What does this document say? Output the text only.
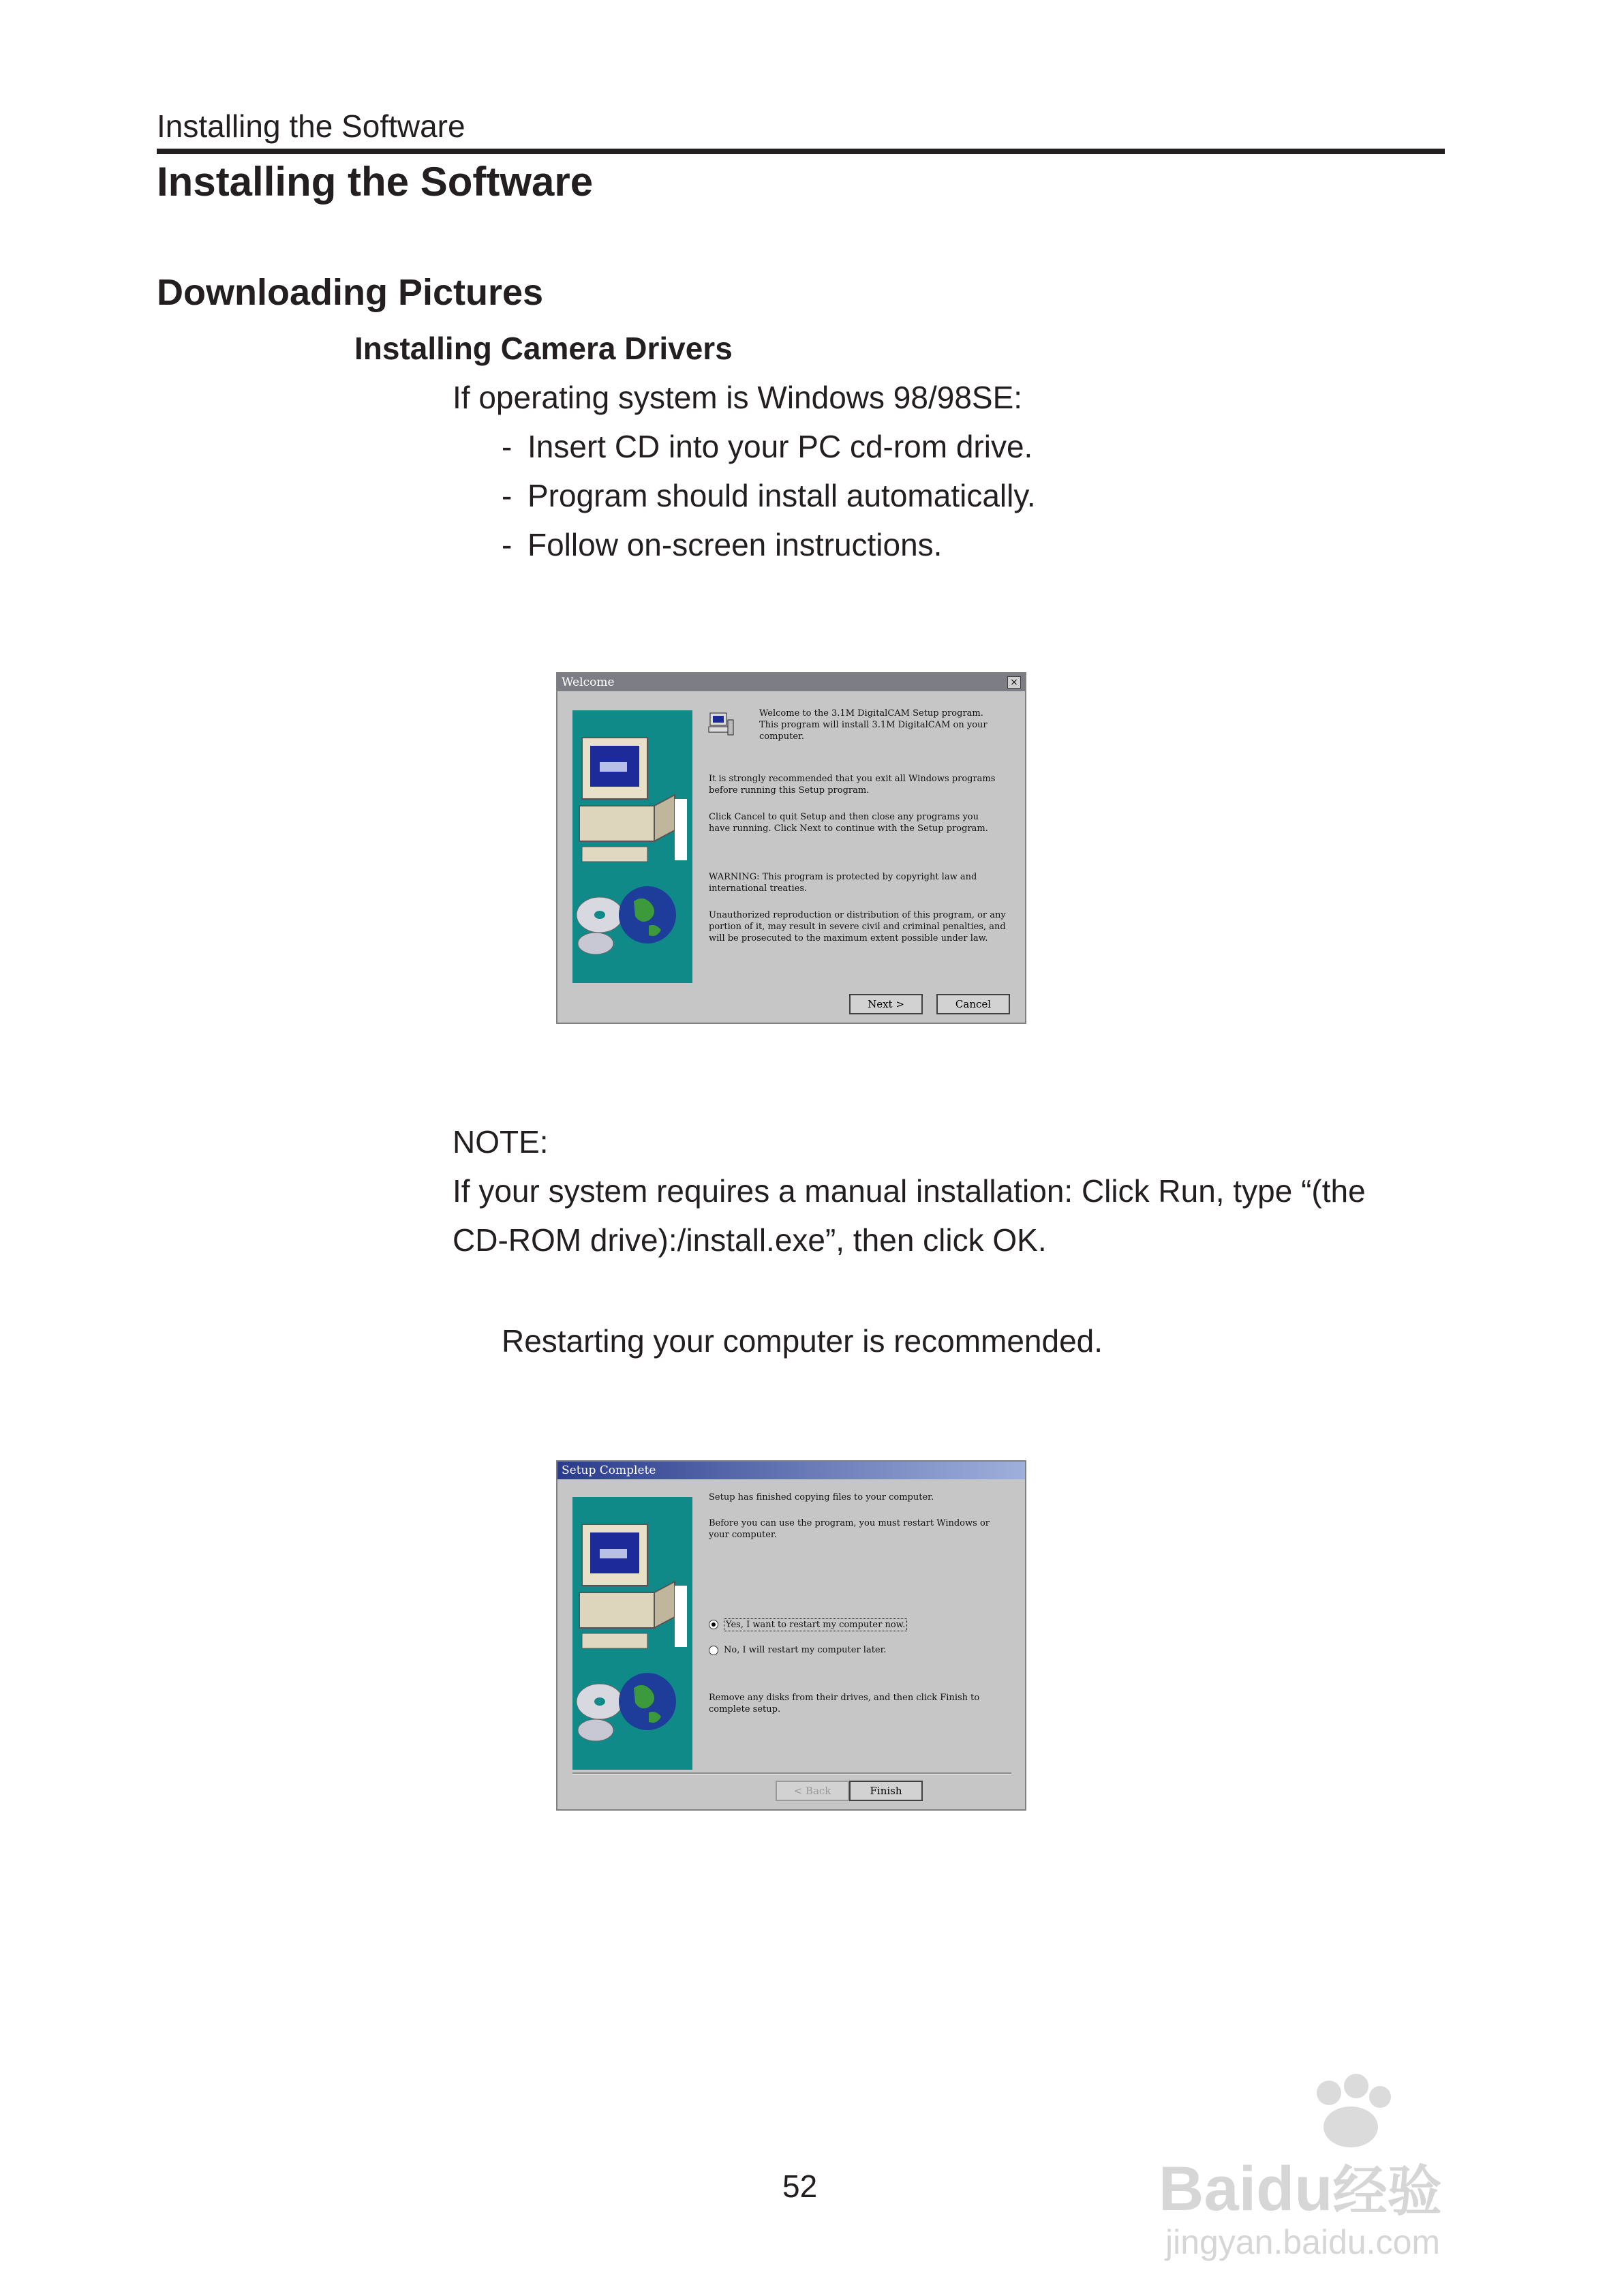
Installing the Software
Installing the Software
Downloading Pictures
Installing Camera Drivers
If operating system is Windows 98/98SE:
- Insert CD into your PC cd-rom drive.
- Program should install automatically.
- Follow on-screen instructions.
Welcome	×
Welcome to the 3.1M DigitalCAM Setup program.
This program will install 3.1M DigitalCAM on your
computer.
It is strongly recommended that you exit all Windows programs
before running this Setup program.
Click Cancel to quit Setup and then close any programs you
have running. Click Next to continue with the Setup program.
WARNING: This program is protected by copyright law and
international treaties.
Unauthorized reproduction or distribution of this program, or any
portion of it, may result in severe civil and criminal penalties, and
will be prosecuted to the maximum extent possible under law.
Next >	Cancel
NOTE:
If your system requires a manual installation: Click Run, type “(the
CD-ROM drive):/install.exe”, then click OK.
Restarting your computer is recommended.
Setup Complete
Setup has finished copying files to your computer.
Before you can use the program, you must restart Windows or
your computer.
Yes, I want to restart my computer now.
No, I will restart my computer later.
Remove any disks from their drives, and then click Finish to
complete setup.
< Back	Finish
52	Baidu经验
jingyan.baidu.com
